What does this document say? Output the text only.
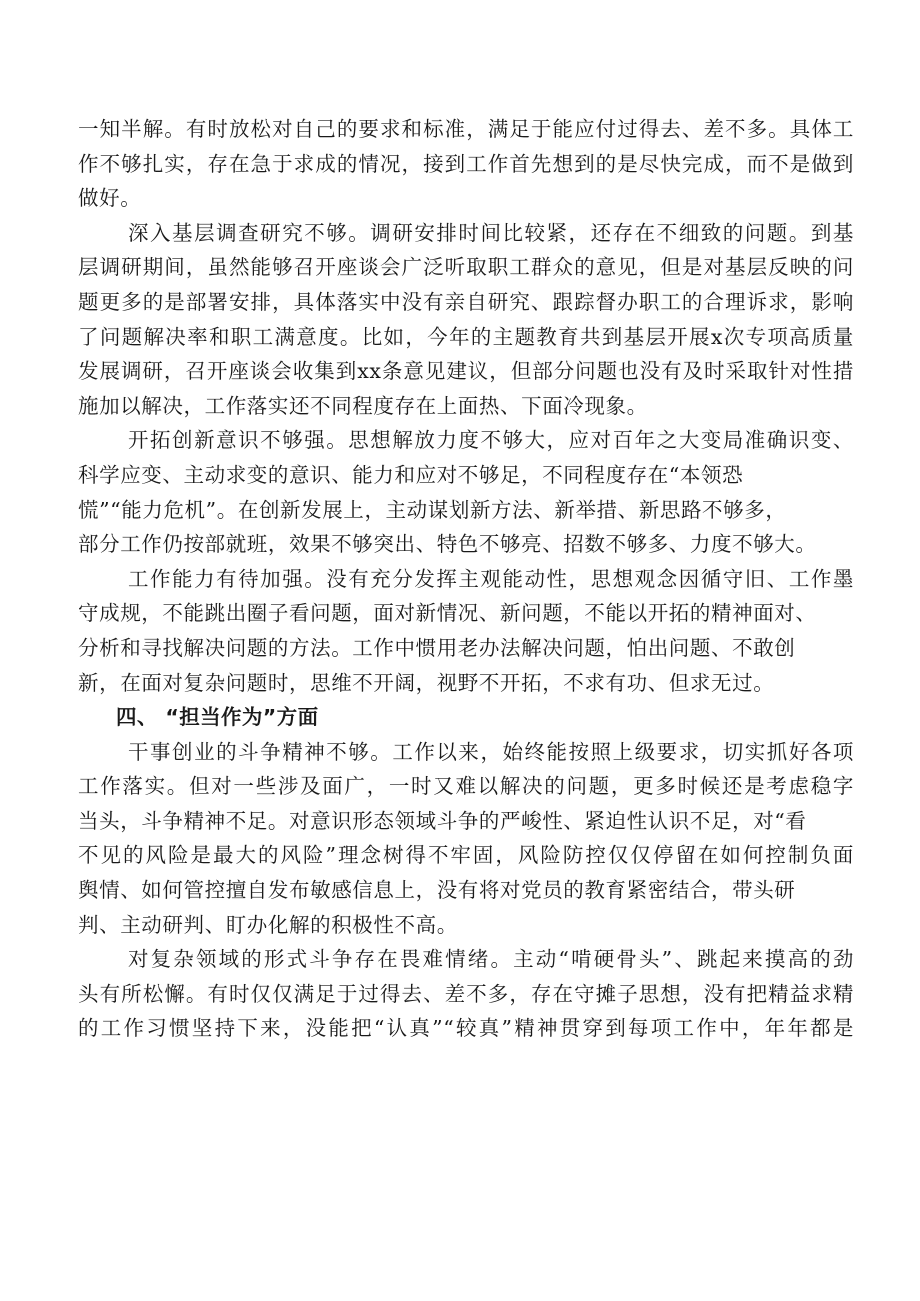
一知半解。有时放松对自己的要求和标准，满足于能应付过得去、差不多。具体工
作不够扎实，存在急于求成的情况，接到工作首先想到的是尽快完成，而不是做到
做好。
深入基层调查研究不够。调研安排时间比较紧，还存在不细致的问题。到基
层调研期间，虽然能够召开座谈会广泛听取职工群众的意见，但是对基层反映的问
题更多的是部署安排，具体落实中没有亲自研究、跟踪督办职工的合理诉求，影响
了问题解决率和职工满意度。比如，今年的主题教育共到基层开展x次专项高质量
发展调研，召开座谈会收集到xx条意见建议，但部分问题也没有及时采取针对性措
施加以解决，工作落实还不同程度存在上面热、下面冷现象。
开拓创新意识不够强。思想解放力度不够大，应对百年之大变局准确识变、
科学应变、主动求变的意识、能力和应对不够足，不同程度存在“本领恐
慌”“能力危机”。在创新发展上，主动谋划新方法、新举措、新思路不够多，
部分工作仍按部就班，效果不够突出、特色不够亮、招数不够多、力度不够大。
工作能力有待加强。没有充分发挥主观能动性，思想观念因循守旧、工作墨
守成规，不能跳出圈子看问题，面对新情况、新问题，不能以开拓的精神面对、
分析和寻找解决问题的方法。工作中惯用老办法解决问题，怕出问题、不敢创
新，在面对复杂问题时，思维不开阔，视野不开拓，不求有功、但求无过。
四、 “担当作为”方面
干事创业的斗争精神不够。工作以来，始终能按照上级要求，切实抓好各项
工作落实。但对一些涉及面广，一时又难以解决的问题，更多时候还是考虑稳字
当头，斗争精神不足。对意识形态领域斗争的严峻性、紧迫性认识不足，对“看
不见的风险是最大的风险”理念树得不牢固，风险防控仅仅停留在如何控制负面
舆情、如何管控擅自发布敏感信息上，没有将对党员的教育紧密结合，带头研
判、主动研判、盯办化解的积极性不高。
对复杂领域的形式斗争存在畏难情绪。主动“啃硬骨头”、跳起来摸高的劲
头有所松懈。有时仅仅满足于过得去、差不多，存在守摊子思想，没有把精益求精
的工作习惯坚持下来，没能把“认真”“较真”精神贯穿到每项工作中，年年都是
